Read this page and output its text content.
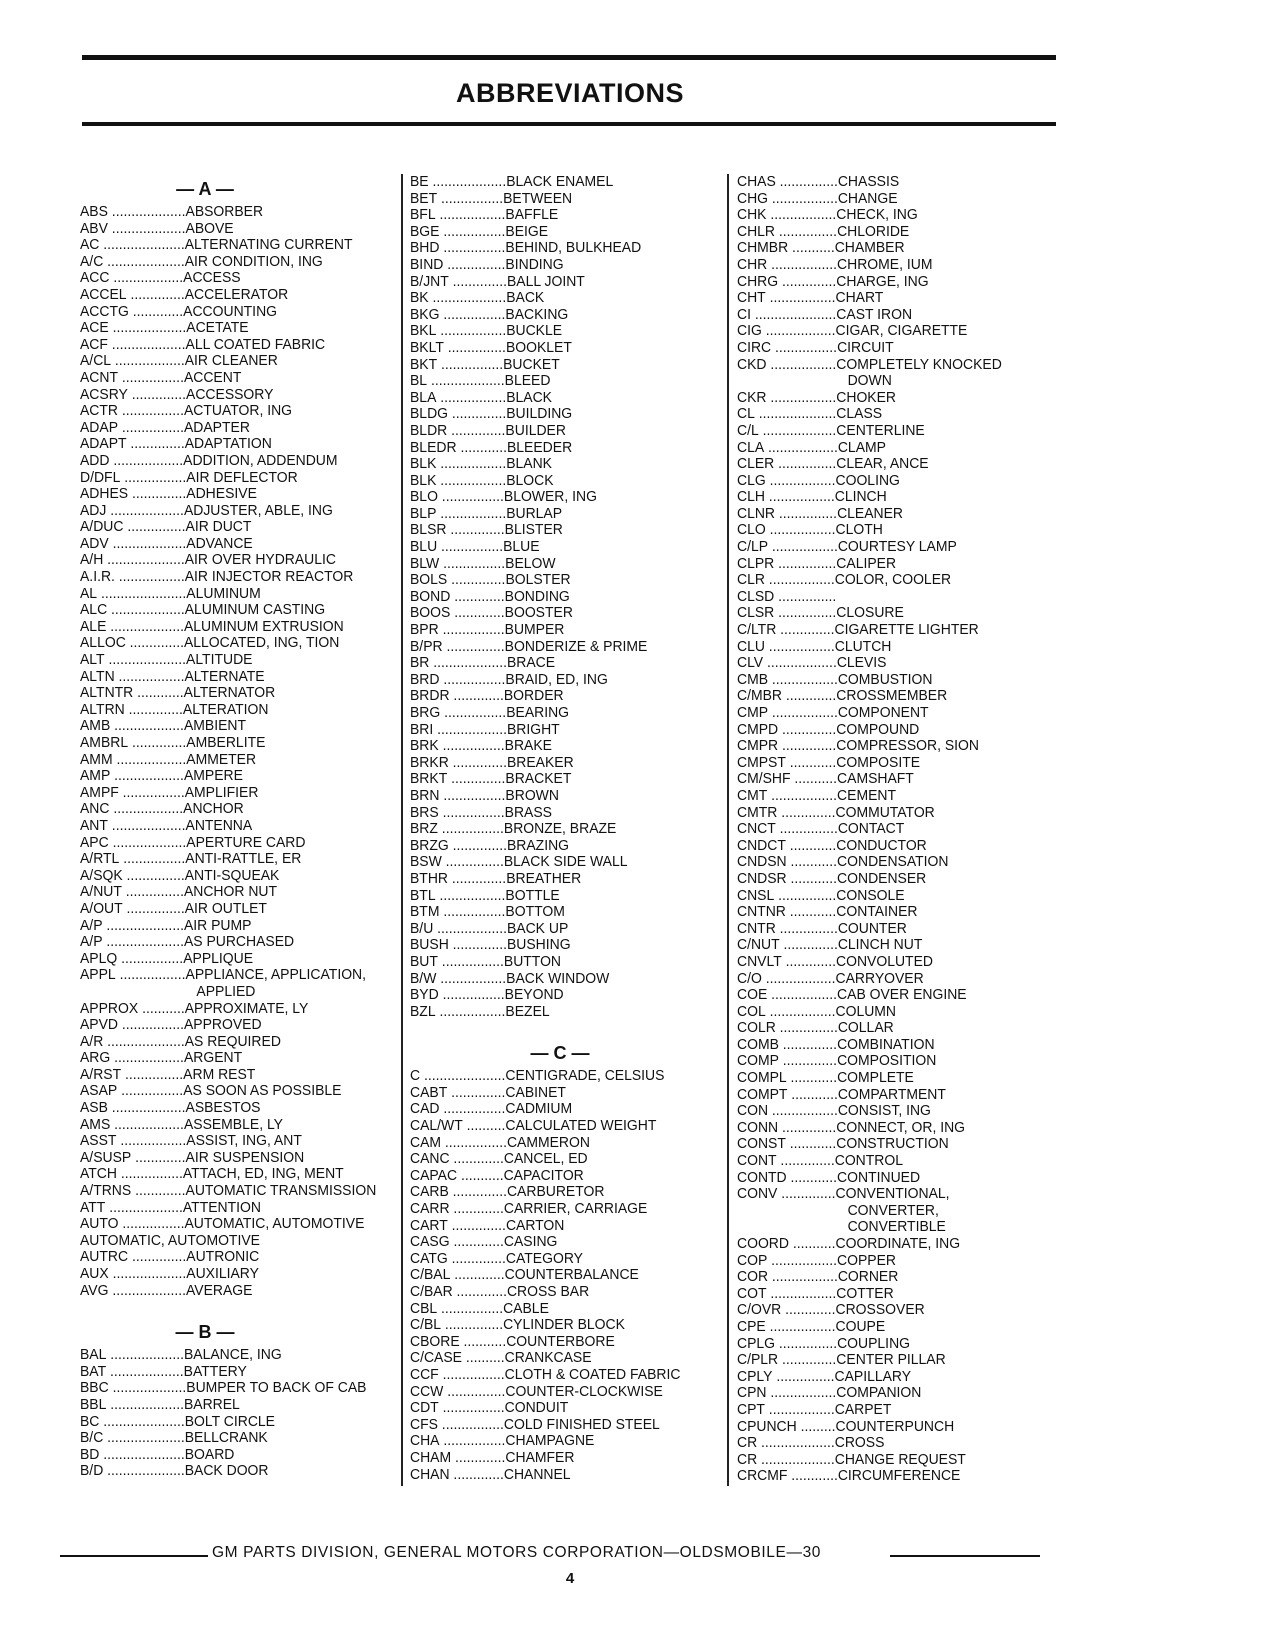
ABBREVIATIONS
— A —
ABS ...................ABSORBER
ABV ...................ABOVE
AC .....................ALTERNATING CURRENT
A/C ....................AIR CONDITION, ING
ACC ..................ACCESS
ACCEL ..............ACCELERATOR
ACCTG .............ACCOUNTING
ACE ...................ACETATE
ACF ...................ALL COATED FABRIC
A/CL ..................AIR CLEANER
ACNT ................ACCENT
ACSRY ..............ACCESSORY
ACTR ................ACTUATOR, ING
ADAP ................ADAPTER
ADAPT ..............ADAPTATION
ADD ..................ADDITION, ADDENDUM
D/DFL ................AIR DEFLECTOR
ADHES ..............ADHESIVE
ADJ ...................ADJUSTER, ABLE, ING
A/DUC ...............AIR DUCT
ADV ...................ADVANCE
A/H ....................AIR OVER HYDRAULIC
A.I.R. .................AIR INJECTOR REACTOR
AL ......................ALUMINUM
ALC ...................ALUMINUM CASTING
ALE ...................ALUMINUM EXTRUSION
ALLOC ..............ALLOCATED, ING, TION
ALT ....................ALTITUDE
ALTN .................ALTERNATE
ALTNTR ............ALTERNATOR
ALTRN ..............ALTERATION
AMB ..................AMBIENT
AMBRL ..............AMBERLITE
AMM ..................AMMETER
AMP ..................AMPERE
AMPF ................AMPLIFIER
ANC ..................ANCHOR
ANT ...................ANTENNA
APC ...................APERTURE CARD
A/RTL ................ANTI-RATTLE, ER
A/SQK ...............ANTI-SQUEAK
A/NUT ...............ANCHOR NUT
A/OUT ...............AIR OUTLET
A/P ....................AIR PUMP
A/P ....................AS PURCHASED
APLQ ................APPLIQUE
APPL .................APPLIANCE, APPLICATION,
APPLIED
APPROX ...........APPROXIMATE, LY
APVD ................APPROVED
A/R ....................AS REQUIRED
ARG ..................ARGENT
A/RST ...............ARM REST
ASAP ................AS SOON AS POSSIBLE
ASB ...................ASBESTOS
AMS ..................ASSEMBLE, LY
ASST .................ASSIST, ING, ANT
A/SUSP .............AIR SUSPENSION
ATCH ................ATTACH, ED, ING, MENT
A/TRNS .............AUTOMATIC TRANSMISSION
ATT ...................ATTENTION
AUTO ................AUTOMATIC, AUTOMOTIVE
AUTOMATIC, AUTOMOTIVE
AUTRC ..............AUTRONIC
AUX ...................AUXILIARY
AVG ...................AVERAGE
— B —
BAL ...................BALANCE, ING
BAT ...................BATTERY
BBC ...................BUMPER TO BACK OF CAB
BBL ...................BARREL
BC .....................BOLT CIRCLE
B/C ....................BELLCRANK
BD .....................BOARD
B/D ....................BACK DOOR
BE ...................BLACK ENAMEL
BET ................BETWEEN
BFL .................BAFFLE
BGE ................BEIGE
BHD ................BEHIND, BULKHEAD
BIND ...............BINDING
B/JNT ..............BALL JOINT
BK ...................BACK
BKG ................BACKING
BKL .................BUCKLE
BKLT ...............BOOKLET
BKT ................BUCKET
BL ...................BLEED
BLA .................BLACK
BLDG ..............BUILDING
BLDR ..............BUILDER
BLEDR ............BLEEDER
BLK .................BLANK
BLK .................BLOCK
BLO ................BLOWER, ING
BLP .................BURLAP
BLSR ..............BLISTER
BLU ................BLUE
BLW ................BELOW
BOLS ..............BOLSTER
BOND .............BONDING
BOOS .............BOOSTER
BPR ................BUMPER
B/PR ...............BONDERIZE & PRIME
BR ...................BRACE
BRD ................BRAID, ED, ING
BRDR .............BORDER
BRG ................BEARING
BRI ..................BRIGHT
BRK ................BRAKE
BRKR ..............BREAKER
BRKT ..............BRACKET
BRN ................BROWN
BRS ................BRASS
BRZ ................BRONZE, BRAZE
BRZG ..............BRAZING
BSW ...............BLACK SIDE WALL
BTHR ..............BREATHER
BTL .................BOTTLE
BTM ................BOTTOM
B/U ..................BACK UP
BUSH ..............BUSHING
BUT ................BUTTON
B/W .................BACK WINDOW
BYD ................BEYOND
BZL .................BEZEL
— C —
C .....................CENTIGRADE, CELSIUS
CABT ..............CABINET
CAD ................CADMIUM
CAL/WT ..........CALCULATED WEIGHT
CAM ................CAMMERON
CANC .............CANCEL, ED
CAPAC ...........CAPACITOR
CARB ..............CARBURETOR
CARR .............CARRIER, CARRIAGE
CART ..............CARTON
CASG .............CASING
CATG ..............CATEGORY
C/BAL .............COUNTERBALANCE
C/BAR .............CROSS BAR
CBL ................CABLE
C/BL ...............CYLINDER BLOCK
CBORE ...........COUNTERBORE
C/CASE ..........CRANKCASE
CCF ................CLOTH & COATED FABRIC
CCW ...............COUNTER-CLOCKWISE
CDT ................CONDUIT
CFS ................COLD FINISHED STEEL
CHA ................CHAMPAGNE
CHAM .............CHAMFER
CHAN .............CHANNEL
CHAS ...............CHASSIS
CHG .................CHANGE
CHK .................CHECK, ING
CHLR ...............CHLORIDE
CHMBR ...........CHAMBER
CHR .................CHROME, IUM
CHRG ..............CHARGE, ING
CHT .................CHART
CI .....................CAST IRON
CIG ..................CIGAR, CIGARETTE
CIRC ................CIRCUIT
CKD .................COMPLETELY KNOCKED
DOWN
CKR .................CHOKER
CL ....................CLASS
C/L ...................CENTERLINE
CLA ..................CLAMP
CLER ...............CLEAR, ANCE
CLG .................COOLING
CLH .................CLINCH
CLNR ...............CLEANER
CLO .................CLOTH
C/LP .................COURTESY LAMP
CLPR ...............CALIPER
CLR .................COLOR, COOLER
CLSD ...............
CLSR ...............CLOSURE
C/LTR ..............CIGARETTE LIGHTER
CLU .................CLUTCH
CLV ..................CLEVIS
CMB .................COMBUSTION
C/MBR .............CROSSMEMBER
CMP .................COMPONENT
CMPD ..............COMPOUND
CMPR ..............COMPRESSOR, SION
CMPST ............COMPOSITE
CM/SHF ...........CAMSHAFT
CMT .................CEMENT
CMTR ..............COMMUTATOR
CNCT ...............CONTACT
CNDCT ............CONDUCTOR
CNDSN ............CONDENSATION
CNDSR ............CONDENSER
CNSL ...............CONSOLE
CNTNR ............CONTAINER
CNTR ...............COUNTER
C/NUT ..............CLINCH NUT
CNVLT .............CONVOLUTED
C/O ..................CARRYOVER
COE .................CAB OVER ENGINE
COL .................COLUMN
COLR ...............COLLAR
COMB ..............COMBINATION
COMP ..............COMPOSITION
COMPL ............COMPLETE
COMPT ............COMPARTMENT
CON .................CONSIST, ING
CONN ..............CONNECT, OR, ING
CONST ............CONSTRUCTION
CONT ..............CONTROL
CONTD ............CONTINUED
CONV ..............CONVENTIONAL,
CONVERTER,
CONVERTIBLE
COORD ...........COORDINATE, ING
COP .................COPPER
COR .................CORNER
COT .................COTTER
C/OVR .............CROSSOVER
CPE .................COUPE
CPLG ...............COUPLING
C/PLR ..............CENTER PILLAR
CPLY ...............CAPILLARY
CPN .................COMPANION
CPT .................CARPET
CPUNCH .........COUNTERPUNCH
CR ...................CROSS
CR ...................CHANGE REQUEST
CRCMF ............CIRCUMFERENCE
GM PARTS DIVISION, GENERAL MOTORS CORPORATION—OLDSMOBILE—30
4
